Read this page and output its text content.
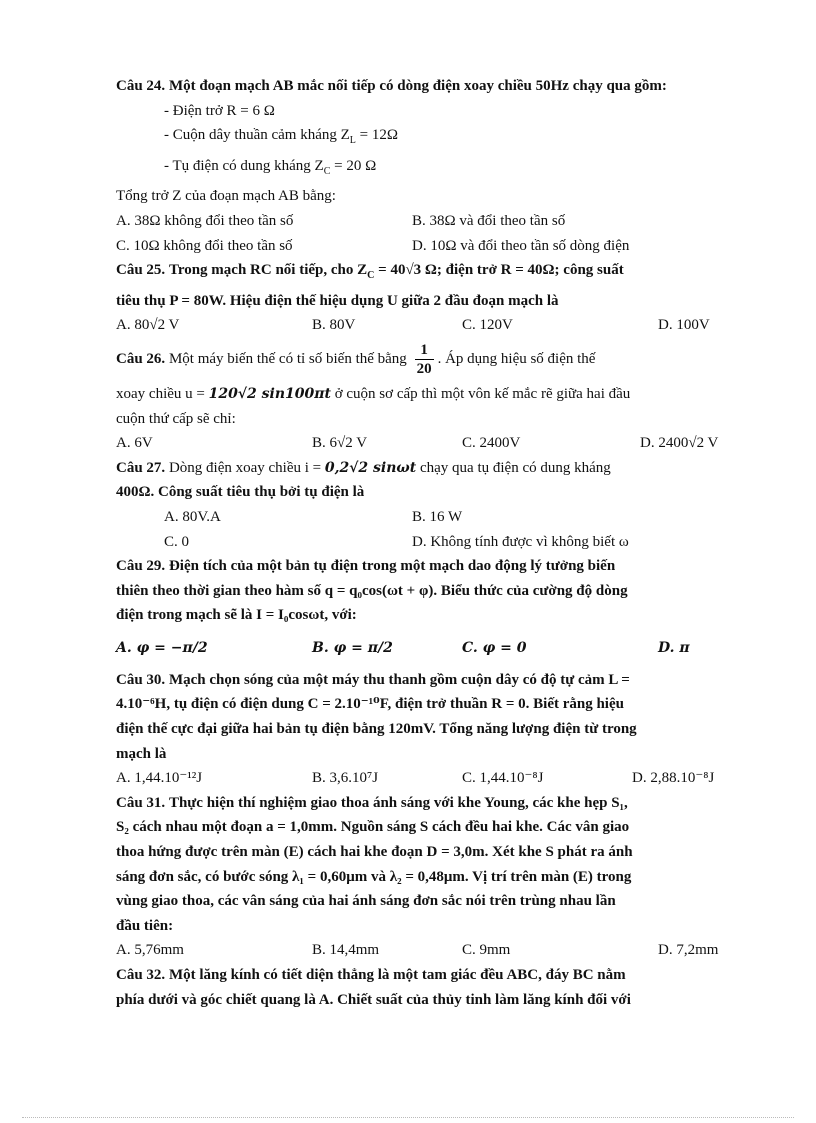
Câu 24. Một đoạn mạch AB mắc nối tiếp có dòng điện xoay chiều 50Hz chạy qua gồm:
- Điện trở R = 6 Ω
- Cuộn dây thuần cảm kháng $Z_L = 12\Omega$
- Tụ điện có dung kháng $Z_C = 20$ Ω
Tổng trở Z của đoạn mạch AB bằng:
A. 38Ω không đổi theo tần số	B. 38Ω và đổi theo tần số
C. 10Ω không đổi theo tần số	D. 10Ω và đổi theo tần số dòng điện
Câu 25. Trong mạch RC nối tiếp, cho $Z_C = 40√3$ Ω; điện trở R = 40Ω; công suất
tiêu thụ P = 80W. Hiệu điện thế hiệu dụng U giữa 2 đầu đoạn mạch là
A. 80√2 V	B. 80V	C. 120V	D. 100V
Câu 26. Một máy biến thế có tỉ số biến thế bằng $\frac{1}{20}$ . Áp dụng hiệu số điện thế
xoay chiều u = 120√2 sin100πt ở cuộn sơ cấp thì một vôn kế mắc rẽ giữa hai đầu
cuộn thứ cấp sẽ chỉ:
A. 6V	B. 6√2 V	C. 2400V	D. 2400√2 V
Câu 27. Dòng điện xoay chiều i = 0,2√2 sinωt chạy qua tụ điện có dung kháng
400Ω. Công suất tiêu thụ bởi tụ điện là
A. 80V.A	B. 16 W
C. 0	D. Không tính được vì không biết ω
Câu 29. Điện tích của một bản tụ điện trong một mạch dao động lý tưởng biến
thiên theo thời gian theo hàm số q = q₀cos(ωt + φ). Biểu thức của cường độ dòng
điện trong mạch sẽ là I = I₀cosωt, với:
A. φ = −π/2	B. φ = π/2	C. φ = 0	D. π
Câu 30. Mạch chọn sóng của một máy thu thanh gồm cuộn dây có độ tự cảm L =
4.10⁻⁶H, tụ điện có điện dung C = 2.10⁻¹⁰F, điện trở thuần R = 0. Biết rằng hiệu
điện thế cực đại giữa hai bản tụ điện bằng 120mV. Tổng năng lượng điện từ trong
mạch là
A. 1,44.10⁻¹²J	B. 3,6.10⁷J	C. 1,44.10⁻⁸J	D. 2,88.10⁻⁸J
Câu 31. Thực hiện thí nghiệm giao thoa ánh sáng với khe Young, các khe hẹp S₁,
S₂ cách nhau một đoạn a = 1,0mm. Nguồn sáng S cách đều hai khe. Các vân giao
thoa hứng được trên màn (E) cách hai khe đoạn D = 3,0m. Xét khe S phát ra ánh
sáng đơn sắc, có bước sóng λ₁ = 0,60μm và λ₂ = 0,48μm. Vị trí trên màn (E) trong
vùng giao thoa, các vân sáng của hai ánh sáng đơn sắc nói trên trùng nhau lần
đầu tiên:
A. 5,76mm	B. 14,4mm	C. 9mm	D. 7,2mm
Câu 32. Một lăng kính có tiết diện thẳng là một tam giác đều ABC, đáy BC nằm
phía dưới và góc chiết quang là A. Chiết suất của thủy tinh làm lăng kính đối với
